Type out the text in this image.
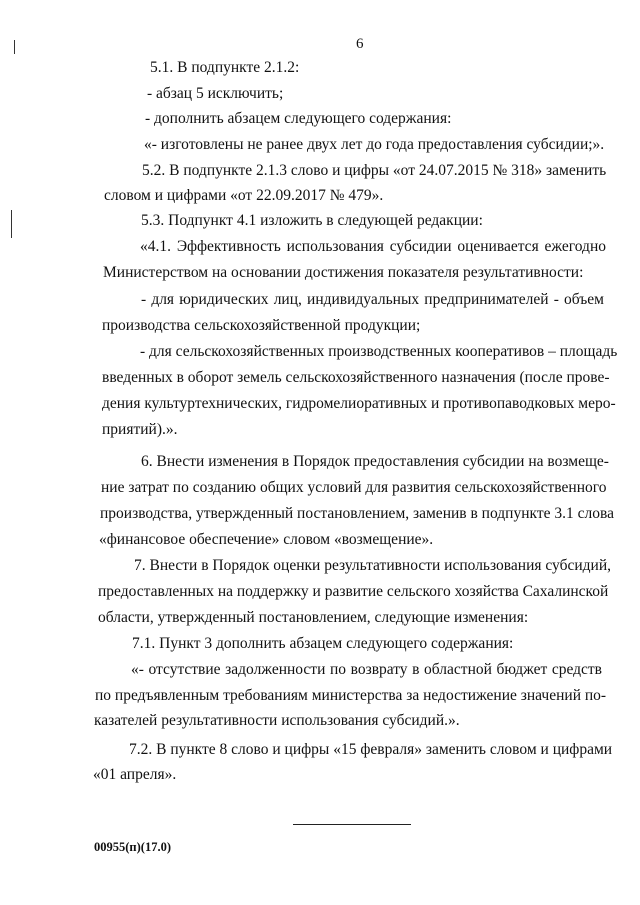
6
5.1. В подпункте 2.1.2:
- абзац 5 исключить;
- дополнить абзацем следующего содержания:
«- изготовлены не ранее двух лет до года предоставления субсидии;».
5.2. В подпункте 2.1.3 слово и цифры «от 24.07.2015 № 318» заменить
словом и цифрами «от 22.09.2017 № 479».
5.3. Подпункт 4.1 изложить в следующей редакции:
«4.1. Эффективность использования субсидии оценивается ежегодно
Министерством на основании достижения показателя результативности:
- для юридических лиц, индивидуальных предпринимателей - объем
производства сельскохозяйственной продукции;
- для сельскохозяйственных производственных кооперативов – площадь
введенных в оборот земель сельскохозяйственного назначения (после прове-
дения культуртехнических, гидромелиоративных и противопаводковых меро-
приятий).».
6. Внести изменения в Порядок предоставления субсидии на возмеще-
ние затрат по созданию общих условий для развития сельскохозяйственного
производства, утвержденный постановлением, заменив в подпункте 3.1 слова
«финансовое обеспечение» словом «возмещение».
7. Внести в Порядок оценки результативности использования субсидий,
предоставленных на поддержку и развитие сельского хозяйства Сахалинской
области, утвержденный постановлением, следующие изменения:
7.1. Пункт 3 дополнить абзацем следующего содержания:
«- отсутствие задолженности по возврату в областной бюджет средств
по предъявленным требованиям министерства за недостижение значений по-
казателей результативности использования субсидий.».
7.2. В пункте 8 слово и цифры «15 февраля» заменить словом и цифрами
«01 апреля».
00955(п)(17.0)
